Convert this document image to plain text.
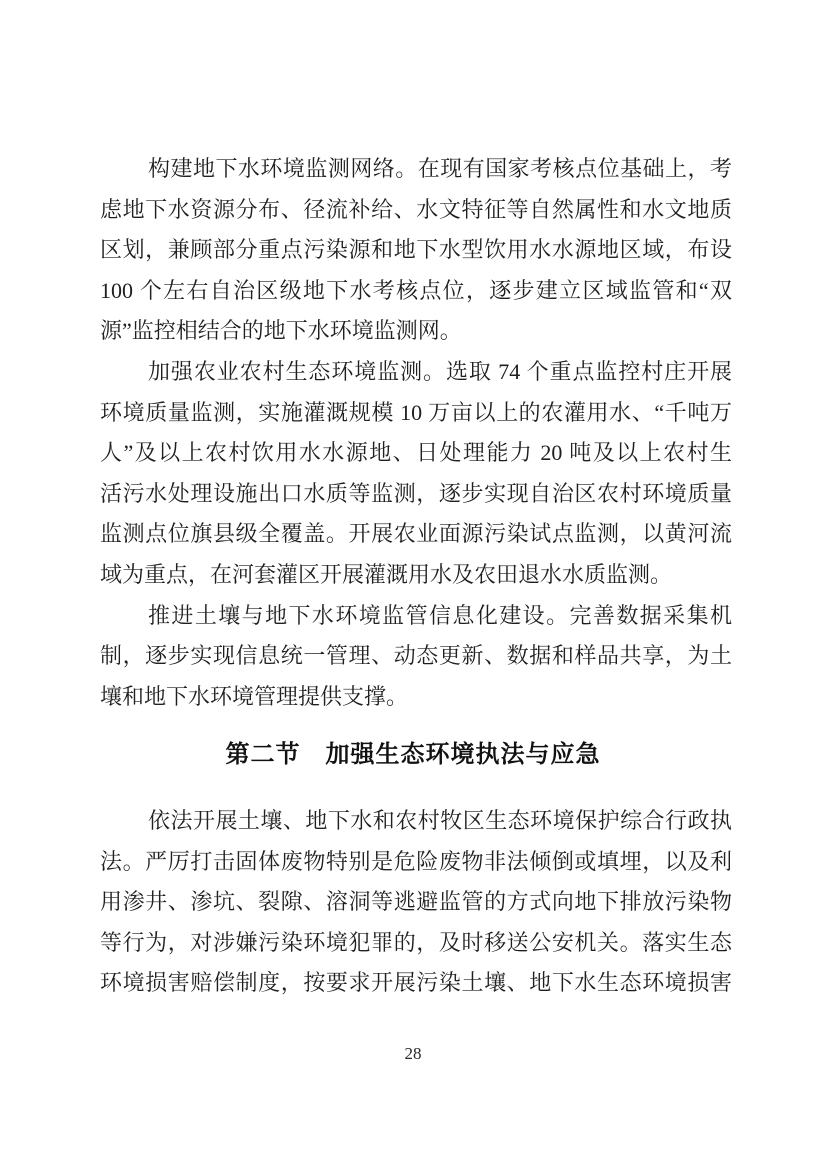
构建地下水环境监测网络。在现有国家考核点位基础上，考
虑地下水资源分布、径流补给、水文特征等自然属性和水文地质
区划，兼顾部分重点污染源和地下水型饮用水水源地区域，布设
100 个左右自治区级地下水考核点位，逐步建立区域监管和“双
源”监控相结合的地下水环境监测网。
加强农业农村生态环境监测。选取 74 个重点监控村庄开展
环境质量监测，实施灌溉规模 10 万亩以上的农灌用水、“千吨万
人”及以上农村饮用水水源地、日处理能力 20 吨及以上农村生
活污水处理设施出口水质等监测，逐步实现自治区农村环境质量
监测点位旗县级全覆盖。开展农业面源污染试点监测，以黄河流
域为重点，在河套灌区开展灌溉用水及农田退水水质监测。
推进土壤与地下水环境监管信息化建设。完善数据采集机
制，逐步实现信息统一管理、动态更新、数据和样品共享，为土
壤和地下水环境管理提供支撑。
第二节　加强生态环境执法与应急
依法开展土壤、地下水和农村牧区生态环境保护综合行政执
法。严厉打击固体废物特别是危险废物非法倾倒或填埋，以及利
用渗井、渗坑、裂隙、溶洞等逃避监管的方式向地下排放污染物
等行为，对涉嫌污染环境犯罪的，及时移送公安机关。落实生态
环境损害赔偿制度，按要求开展污染土壤、地下水生态环境损害
28
